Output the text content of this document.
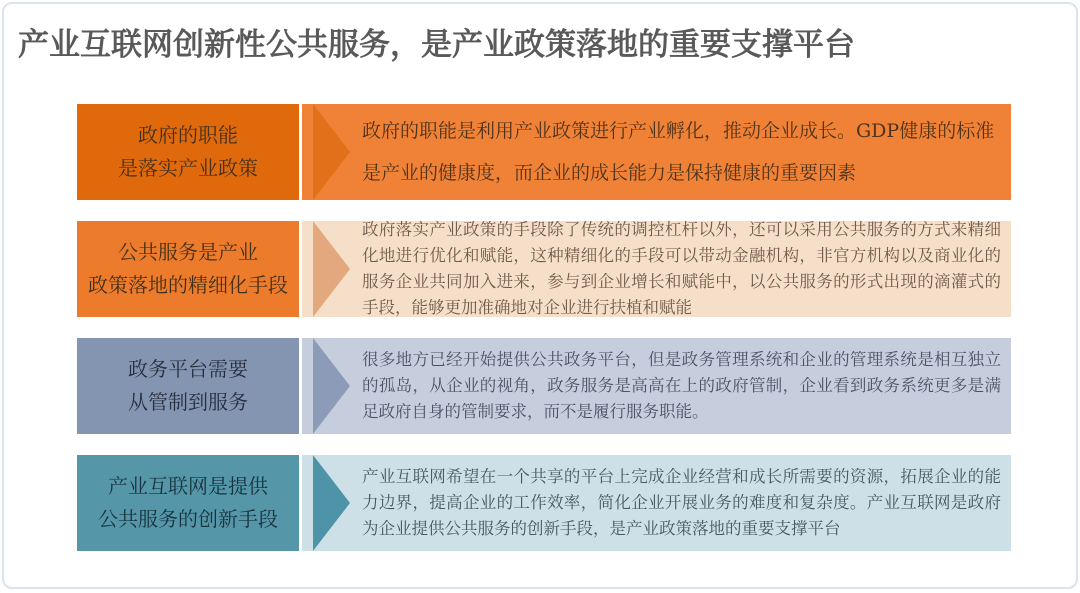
产业互联网创新性公共服务，是产业政策落地的重要支撑平台
政府的职能
是落实产业政策

政府的职能是利用产业政策进行产业孵化，推动企业成长。GDP健康的标准是产业的健康度，而企业的成长能力是保持健康的重要因素

公共服务是产业
政策落地的精细化手段

政府落实产业政策的手段除了传统的调控杠杆以外，还可以采用公共服务的方式来精细化地进行优化和赋能，这种精细化的手段可以带动金融机构，非官方机构以及商业化的服务企业共同加入进来，参与到企业增长和赋能中，以公共服务的形式出现的滴灌式的手段，能够更加准确地对企业进行扶植和赋能

政务平台需要
从管制到服务

很多地方已经开始提供公共政务平台，但是政务管理系统和企业的管理系统是相互独立的孤岛，从企业的视角，政务服务是高高在上的政府管制，企业看到政务系统更多是满足政府自身的管制要求，而不是履行服务职能。

产业互联网是提供
公共服务的创新手段

产业互联网希望在一个共享的平台上完成企业经营和成长所需要的资源，拓展企业的能力边界，提高企业的工作效率，简化企业开展业务的难度和复杂度。产业互联网是政府为企业提供公共服务的创新手段，是产业政策落地的重要支撑平台
